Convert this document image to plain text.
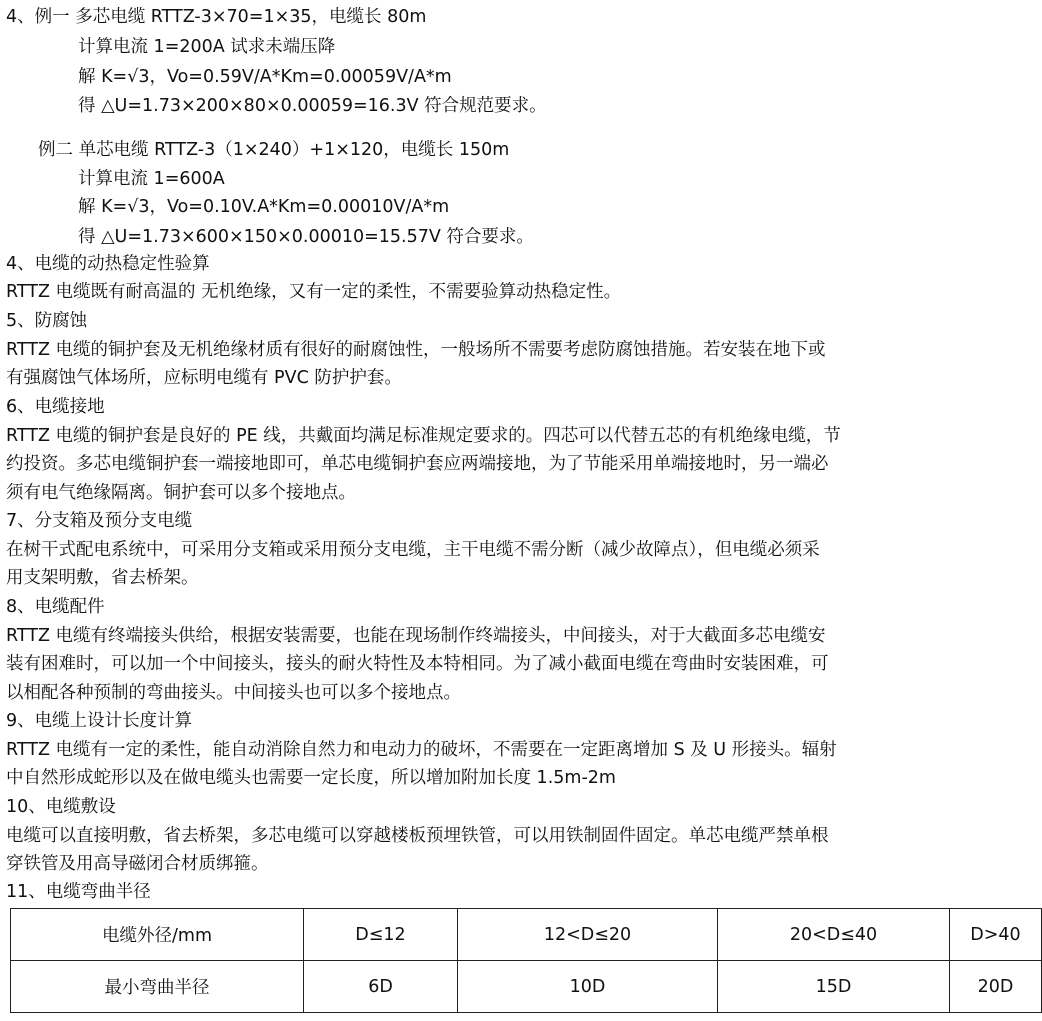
4、例一 多芯电缆 RTTZ-3×70=1×35，电缆长 80m
计算电流 1=200A 试求未端压降
解 K=√3，Vo=0.59V/A*Km=0.00059V/A*m
得 △U=1.73×200×80×0.00059=16.3V 符合规范要求。
例二 单芯电缆 RTTZ-3（1×240）+1×120，电缆长 150m
计算电流 1=600A
解 K=√3，Vo=0.10V.A*Km=0.00010V/A*m
得 △U=1.73×600×150×0.00010=15.57V 符合要求。
4、电缆的动热稳定性验算
RTTZ 电缆既有耐高温的 无机绝缘，又有一定的柔性，不需要验算动热稳定性。
5、防腐蚀
RTTZ 电缆的铜护套及无机绝缘材质有很好的耐腐蚀性，一般场所不需要考虑防腐蚀措施。若安装在地下或
有强腐蚀气体场所，应标明电缆有 PVC 防护护套。
6、电缆接地
RTTZ 电缆的铜护套是良好的 PE 线，共戴面均满足标准规定要求的。四芯可以代替五芯的有机绝缘电缆，节
约投资。多芯电缆铜护套一端接地即可，单芯电缆铜护套应两端接地，为了节能采用单端接地时，另一端必
须有电气绝缘隔离。铜护套可以多个接地点。
7、分支箱及预分支电缆
在树干式配电系统中，可采用分支箱或采用预分支电缆，主干电缆不需分断（减少故障点），但电缆必须采
用支架明敷，省去桥架。
8、电缆配件
RTTZ 电缆有终端接头供给，根据安装需要，也能在现场制作终端接头，中间接头，对于大截面多芯电缆安
装有困难时，可以加一个中间接头，接头的耐火特性及本特相同。为了减小截面电缆在弯曲时安装困难，可
以相配各种预制的弯曲接头。中间接头也可以多个接地点。
9、电缆上设计长度计算
RTTZ 电缆有一定的柔性，能自动消除自然力和电动力的破坏，不需要在一定距离增加 S 及 U 形接头。辐射
中自然形成蛇形以及在做电缆头也需要一定长度，所以增加附加长度 1.5m-2m
10、电缆敷设
电缆可以直接明敷，省去桥架，多芯电缆可以穿越楼板预埋铁管，可以用铁制固件固定。单芯电缆严禁单根
穿铁管及用高导磁闭合材质绑箍。
11、电缆弯曲半径
电缆外径/mm	D≤12	12<D≤20	20<D≤40	D>40
最小弯曲半径	6D	10D	15D	20D
